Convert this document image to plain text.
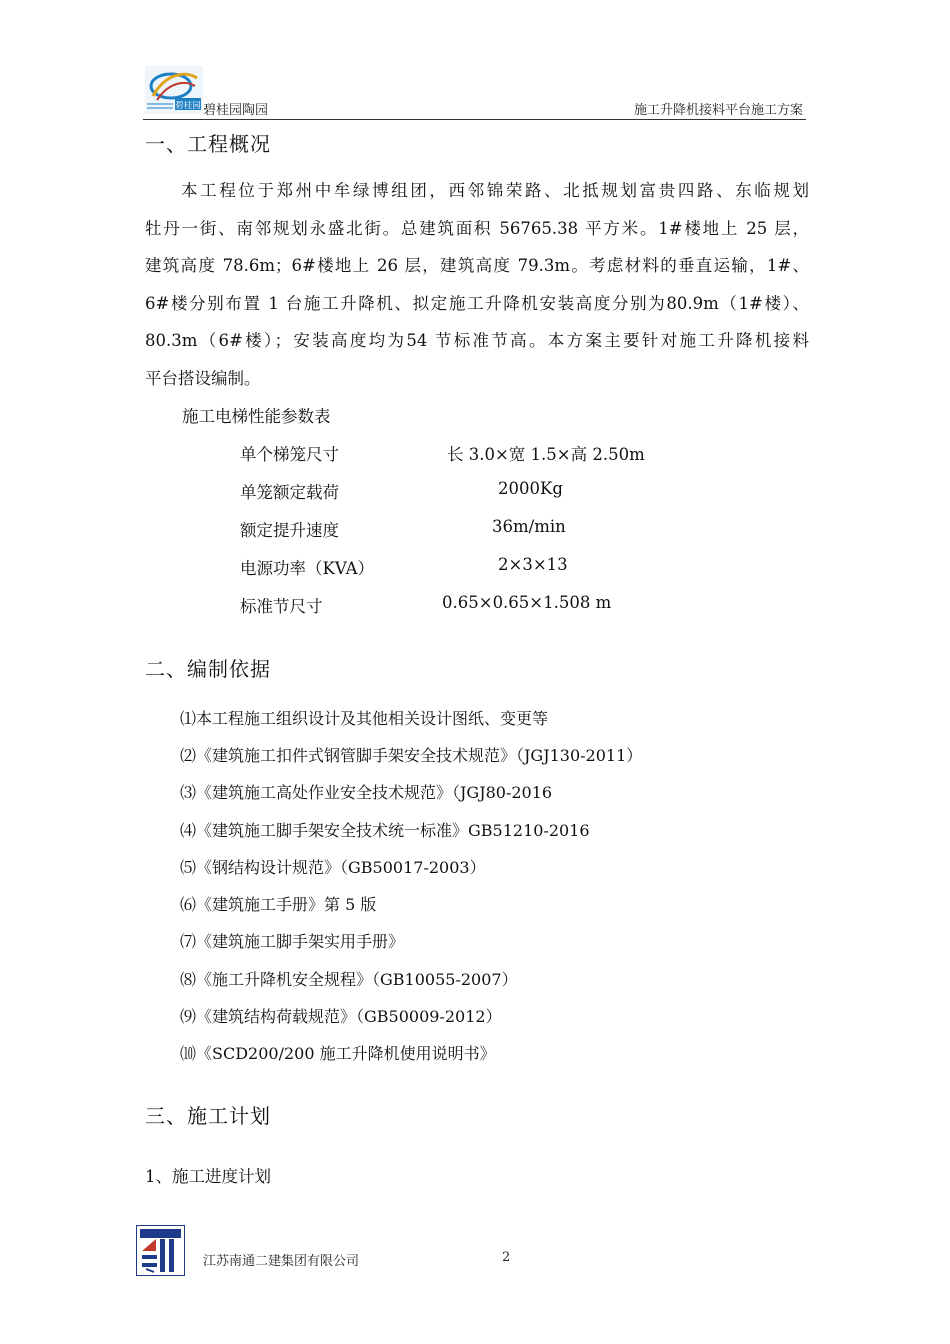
碧桂园 碧桂园陶园	施工升降机接料平台施工方案
一、工程概况
本工程位于郑州中牟绿博组团，西邻锦荣路、北抵规划富贵四路、东临规划
牡丹一街、南邻规划永盛北街。总建筑面积 56765.38 平方米。1#楼地上 25 层，
建筑高度 78.6m；6#楼地上 26 层，建筑高度 79.3m。考虑材料的垂直运输，1#、
6#楼分别布置 1 台施工升降机、拟定施工升降机安装高度分别为80.9m（1#楼）、
80.3m（6#楼）；安装高度均为54 节标准节高。本方案主要针对施工升降机接料
平台搭设编制。
施工电梯性能参数表
单个梯笼尺寸	长 3.0×宽 1.5×高 2.50m
单笼额定载荷	2000Kg
额定提升速度	36m/min
电源功率（KVA）	2×3×13
标准节尺寸	0.65×0.65×1.508 m
二、编制依据
⑴本工程施工组织设计及其他相关设计图纸、变更等
⑵《建筑施工扣件式钢管脚手架安全技术规范》（JGJ130-2011）
⑶《建筑施工高处作业安全技术规范》（JGJ80-2016
⑷《建筑施工脚手架安全技术统一标准》GB51210-2016
⑸《钢结构设计规范》（GB50017-2003）
⑹《建筑施工手册》第 5 版
⑺《建筑施工脚手架实用手册》
⑻《施工升降机安全规程》（GB10055-2007）
⑼《建筑结构荷载规范》（GB50009-2012）
⑽《SCD200/200 施工升降机使用说明书》
三、施工计划
1、施工进度计划
江苏南通二建集团有限公司	2
